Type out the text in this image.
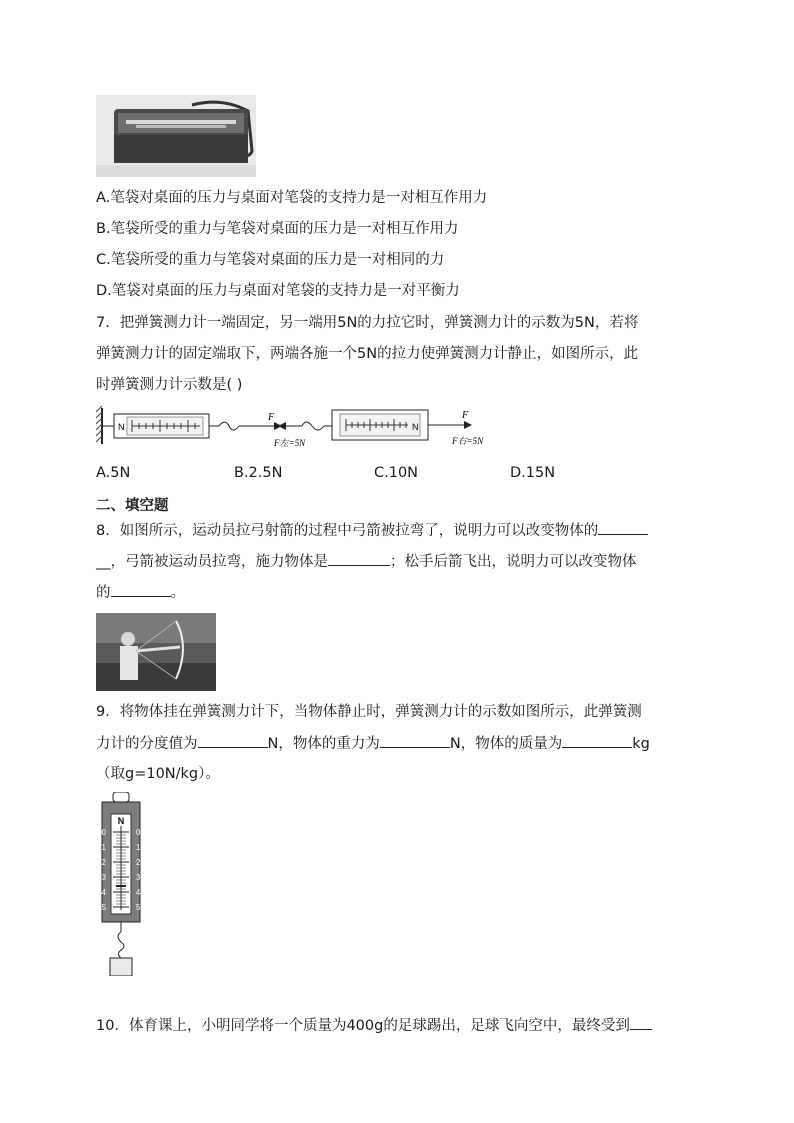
A.笔袋对桌面的压力与桌面对笔袋的支持力是一对相互作用力
B.笔袋所受的重力与笔袋对桌面的压力是一对相互作用力
C.笔袋所受的重力与笔袋对桌面的压力是一对相同的力
D.笔袋对桌面的压力与桌面对笔袋的支持力是一对平衡力
7．把弹簧测力计一端固定，另一端用5N的力拉它时，弹簧测力计的示数为5N，若将
弹簧测力计的固定端取下，两端各施一个5N的拉力使弹簧测力计静止，如图所示，此
时弹簧测力计示数是( )
N
F
F左=5N
N
F
F右=5N
A.5N	B.2.5N	C.10N	D.15N
二、填空题
8．如图所示，运动员拉弓射箭的过程中弓箭被拉弯了，说明力可以改变物体的
__，弓箭被运动员拉弯，施力物体是	；松手后箭飞出，说明力可以改变物体
的	。
9．将物体挂在弹簧测力计下，当物体静止时，弹簧测力计的示数如图所示，此弹簧测
力计的分度值为	N，物体的重力为	N，物体的质量为	kg
（取g=10N/kg）。
N
0	0
1	1
2	2
3	3
4	4
5	5
10．体育课上，小明同学将一个质量为400g的足球踢出，足球飞向空中，最终受到
